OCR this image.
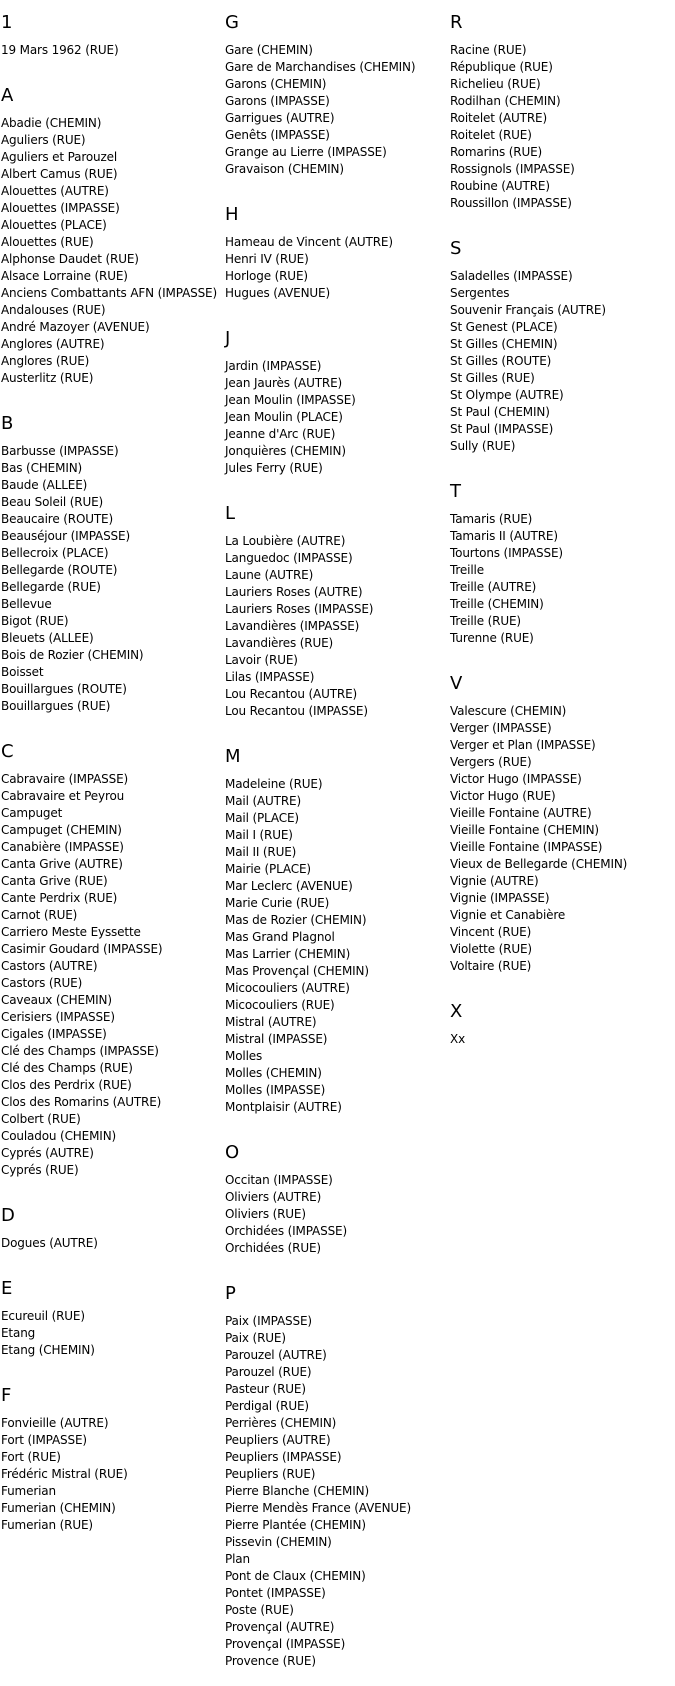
1
19 Mars 1962 (RUE)
A
Abadie (CHEMIN)
Aguliers (RUE)
Aguliers et Parouzel
Albert Camus (RUE)
Alouettes (AUTRE)
Alouettes (IMPASSE)
Alouettes (PLACE)
Alouettes (RUE)
Alphonse Daudet (RUE)
Alsace Lorraine (RUE)
Anciens Combattants AFN (IMPASSE)
Andalouses (RUE)
André Mazoyer (AVENUE)
Anglores (AUTRE)
Anglores (RUE)
Austerlitz (RUE)
B
Barbusse (IMPASSE)
Bas (CHEMIN)
Baude (ALLEE)
Beau Soleil (RUE)
Beaucaire (ROUTE)
Beauséjour (IMPASSE)
Bellecroix (PLACE)
Bellegarde (ROUTE)
Bellegarde (RUE)
Bellevue
Bigot (RUE)
Bleuets (ALLEE)
Bois de Rozier (CHEMIN)
Boisset
Bouillargues (ROUTE)
Bouillargues (RUE)
C
Cabravaire (IMPASSE)
Cabravaire et Peyrou
Campuget
Campuget (CHEMIN)
Canabière (IMPASSE)
Canta Grive (AUTRE)
Canta Grive (RUE)
Cante Perdrix (RUE)
Carnot (RUE)
Carriero Meste Eyssette
Casimir Goudard (IMPASSE)
Castors (AUTRE)
Castors (RUE)
Caveaux (CHEMIN)
Cerisiers (IMPASSE)
Cigales (IMPASSE)
Clé des Champs (IMPASSE)
Clé des Champs (RUE)
Clos des Perdrix (RUE)
Clos des Romarins (AUTRE)
Colbert (RUE)
Couladou (CHEMIN)
Cyprés (AUTRE)
Cyprés (RUE)
D
Dogues (AUTRE)
E
Ecureuil (RUE)
Etang
Etang (CHEMIN)
F
Fonvieille (AUTRE)
Fort (IMPASSE)
Fort (RUE)
Frédéric Mistral (RUE)
Fumerian
Fumerian (CHEMIN)
Fumerian (RUE)
G
Gare (CHEMIN)
Gare de Marchandises (CHEMIN)
Garons (CHEMIN)
Garons (IMPASSE)
Garrigues (AUTRE)
Genêts (IMPASSE)
Grange au Lierre (IMPASSE)
Gravaison (CHEMIN)
H
Hameau de Vincent (AUTRE)
Henri IV (RUE)
Horloge (RUE)
Hugues (AVENUE)
J
Jardin (IMPASSE)
Jean Jaurès (AUTRE)
Jean Moulin (IMPASSE)
Jean Moulin (PLACE)
Jeanne d'Arc (RUE)
Jonquières (CHEMIN)
Jules Ferry (RUE)
L
La Loubière (AUTRE)
Languedoc (IMPASSE)
Laune (AUTRE)
Lauriers Roses (AUTRE)
Lauriers Roses (IMPASSE)
Lavandières (IMPASSE)
Lavandières (RUE)
Lavoir (RUE)
Lilas (IMPASSE)
Lou Recantou (AUTRE)
Lou Recantou (IMPASSE)
M
Madeleine (RUE)
Mail (AUTRE)
Mail (PLACE)
Mail I (RUE)
Mail II (RUE)
Mairie (PLACE)
Mar Leclerc (AVENUE)
Marie Curie (RUE)
Mas de Rozier (CHEMIN)
Mas Grand Plagnol
Mas Larrier (CHEMIN)
Mas Provençal (CHEMIN)
Micocouliers (AUTRE)
Micocouliers (RUE)
Mistral (AUTRE)
Mistral (IMPASSE)
Molles
Molles (CHEMIN)
Molles (IMPASSE)
Montplaisir (AUTRE)
O
Occitan (IMPASSE)
Oliviers (AUTRE)
Oliviers (RUE)
Orchidées (IMPASSE)
Orchidées (RUE)
P
Paix (IMPASSE)
Paix (RUE)
Parouzel (AUTRE)
Parouzel (RUE)
Pasteur (RUE)
Perdigal (RUE)
Perrières (CHEMIN)
Peupliers (AUTRE)
Peupliers (IMPASSE)
Peupliers (RUE)
Pierre Blanche (CHEMIN)
Pierre Mendès France (AVENUE)
Pierre Plantée (CHEMIN)
Pissevin (CHEMIN)
Plan
Pont de Claux (CHEMIN)
Pontet (IMPASSE)
Poste (RUE)
Provençal (AUTRE)
Provençal (IMPASSE)
Provence (RUE)
R
Racine (RUE)
République (RUE)
Richelieu (RUE)
Rodilhan (CHEMIN)
Roitelet (AUTRE)
Roitelet (RUE)
Romarins (RUE)
Rossignols (IMPASSE)
Roubine (AUTRE)
Roussillon (IMPASSE)
S
Saladelles (IMPASSE)
Sergentes
Souvenir Français (AUTRE)
St Genest (PLACE)
St Gilles (CHEMIN)
St Gilles (ROUTE)
St Gilles (RUE)
St Olympe (AUTRE)
St Paul (CHEMIN)
St Paul (IMPASSE)
Sully (RUE)
T
Tamaris (RUE)
Tamaris II (AUTRE)
Tourtons (IMPASSE)
Treille
Treille (AUTRE)
Treille (CHEMIN)
Treille (RUE)
Turenne (RUE)
V
Valescure (CHEMIN)
Verger (IMPASSE)
Verger et Plan (IMPASSE)
Vergers (RUE)
Victor Hugo (IMPASSE)
Victor Hugo (RUE)
Vieille Fontaine (AUTRE)
Vieille Fontaine (CHEMIN)
Vieille Fontaine (IMPASSE)
Vieux de Bellegarde (CHEMIN)
Vignie (AUTRE)
Vignie (IMPASSE)
Vignie et Canabière
Vincent (RUE)
Violette (RUE)
Voltaire (RUE)
X
Xx
